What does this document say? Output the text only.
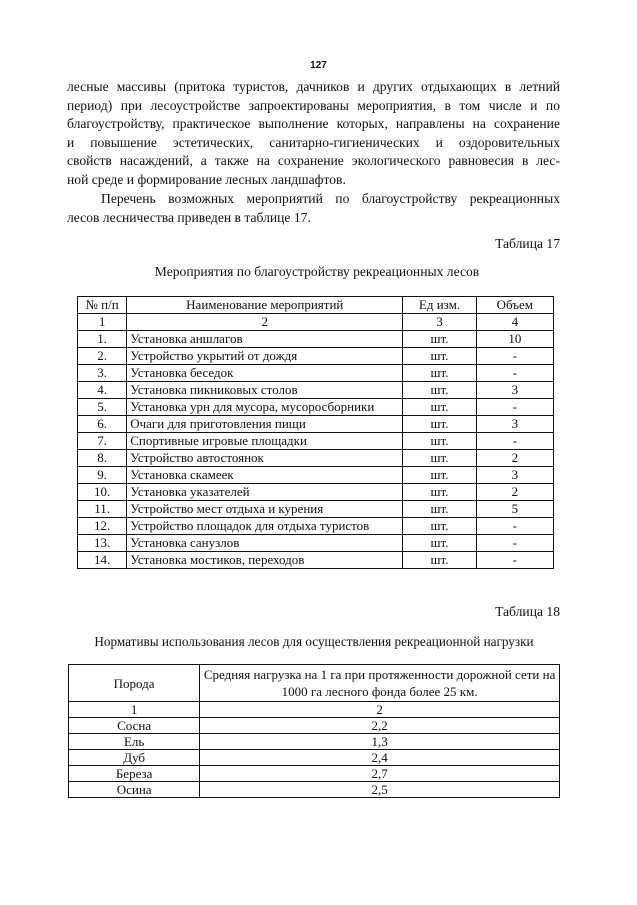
127
лесные массивы (притока туристов, дачников и других отдыхающих в летний
период) при лесоустройстве запроектированы мероприятия, в том числе и по
благоустройству, практическое выполнение которых, направлены на сохранение
и повышение эстетических, санитарно-гигиенических и оздоровительных
свойств насаждений, а также на сохранение экологического равновесия в лес-
ной среде и формирование лесных ландшафтов.
Перечень возможных мероприятий по благоустройству рекреационных
лесов лесничества приведен в таблице 17.
Таблица 17
Мероприятия по благоустройству рекреационных лесов
№ п/п	Наименование мероприятий	Ед изм.	Объем
1	2	3	4
1.	Установка аншлагов	шт.	10
2.	Устройство укрытий от дождя	шт.	-
3.	Установка беседок	шт.	-
4.	Установка пикниковых столов	шт.	3
5.	Установка урн для мусора, мусоросборники	шт.	-
6.	Очаги для приготовления пищи	шт.	3
7.	Спортивные игровые площадки	шт.	-
8.	Устройство автостоянок	шт.	2
9.	Установка скамеек	шт.	3
10.	Установка указателей	шт.	2
11.	Устройство мест отдыха и курения	шт.	5
12.	Устройство площадок для отдыха туристов	шт.	-
13.	Установка санузлов	шт.	-
14.	Установка мостиков, переходов	шт.	-
Таблица 18
Нормативы использования лесов для осуществления рекреационной нагрузки
Порода	Средняя нагрузка на 1 га при протяженности дорожной сети на 1000 га лесного фонда более 25 км.
1	2
Сосна	2,2
Ель	1,3
Дуб	2,4
Береза	2,7
Осина	2,5
